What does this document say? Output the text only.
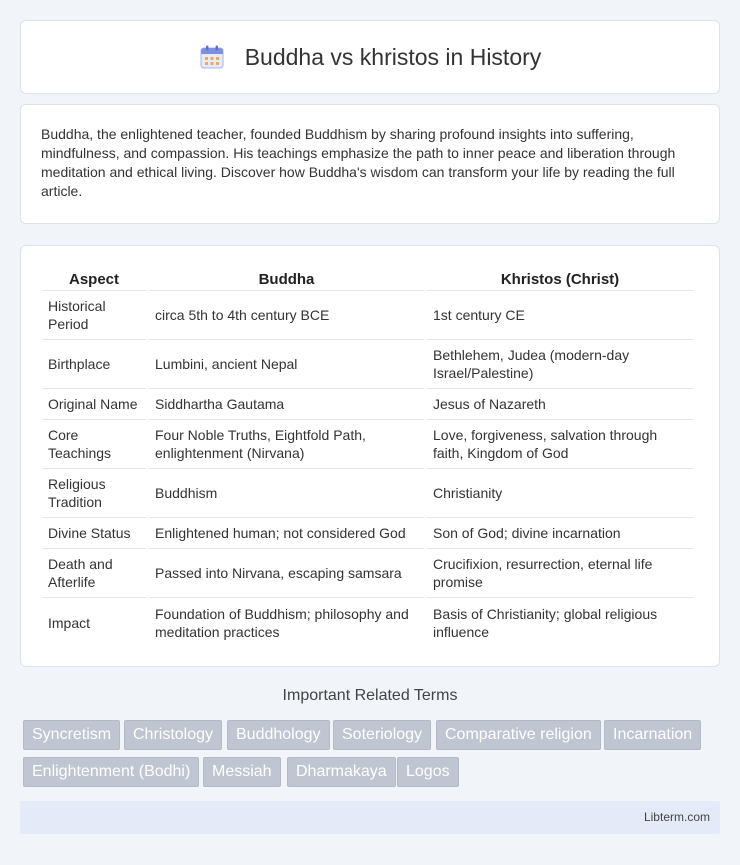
Buddha vs khristos in History

Buddha, the enlightened teacher, founded Buddhism by sharing profound insights into suffering, mindfulness, and compassion. His teachings emphasize the path to inner peace and liberation through meditation and ethical living. Discover how Buddha's wisdom can transform your life by reading the full article.

Aspect	Buddha	Khristos (Christ)
Historical Period	circa 5th to 4th century BCE	1st century CE
Birthplace	Lumbini, ancient Nepal	Bethlehem, Judea (modern-day Israel/Palestine)
Original Name	Siddhartha Gautama	Jesus of Nazareth
Core Teachings	Four Noble Truths, Eightfold Path, enlightenment (Nirvana)	Love, forgiveness, salvation through faith, Kingdom of God
Religious Tradition	Buddhism	Christianity
Divine Status	Enlightened human; not considered God	Son of God; divine incarnation
Death and Afterlife	Passed into Nirvana, escaping samsara	Crucifixion, resurrection, eternal life promise
Impact	Foundation of Buddhism; philosophy and meditation practices	Basis of Christianity; global religious influence
Important Related Terms
Syncretism	Christology	Buddhology	Soteriology	Comparative religion	Incarnation
Enlightenment (Bodhi)	Messiah	Dharmakaya	Logos
Libterm.com
